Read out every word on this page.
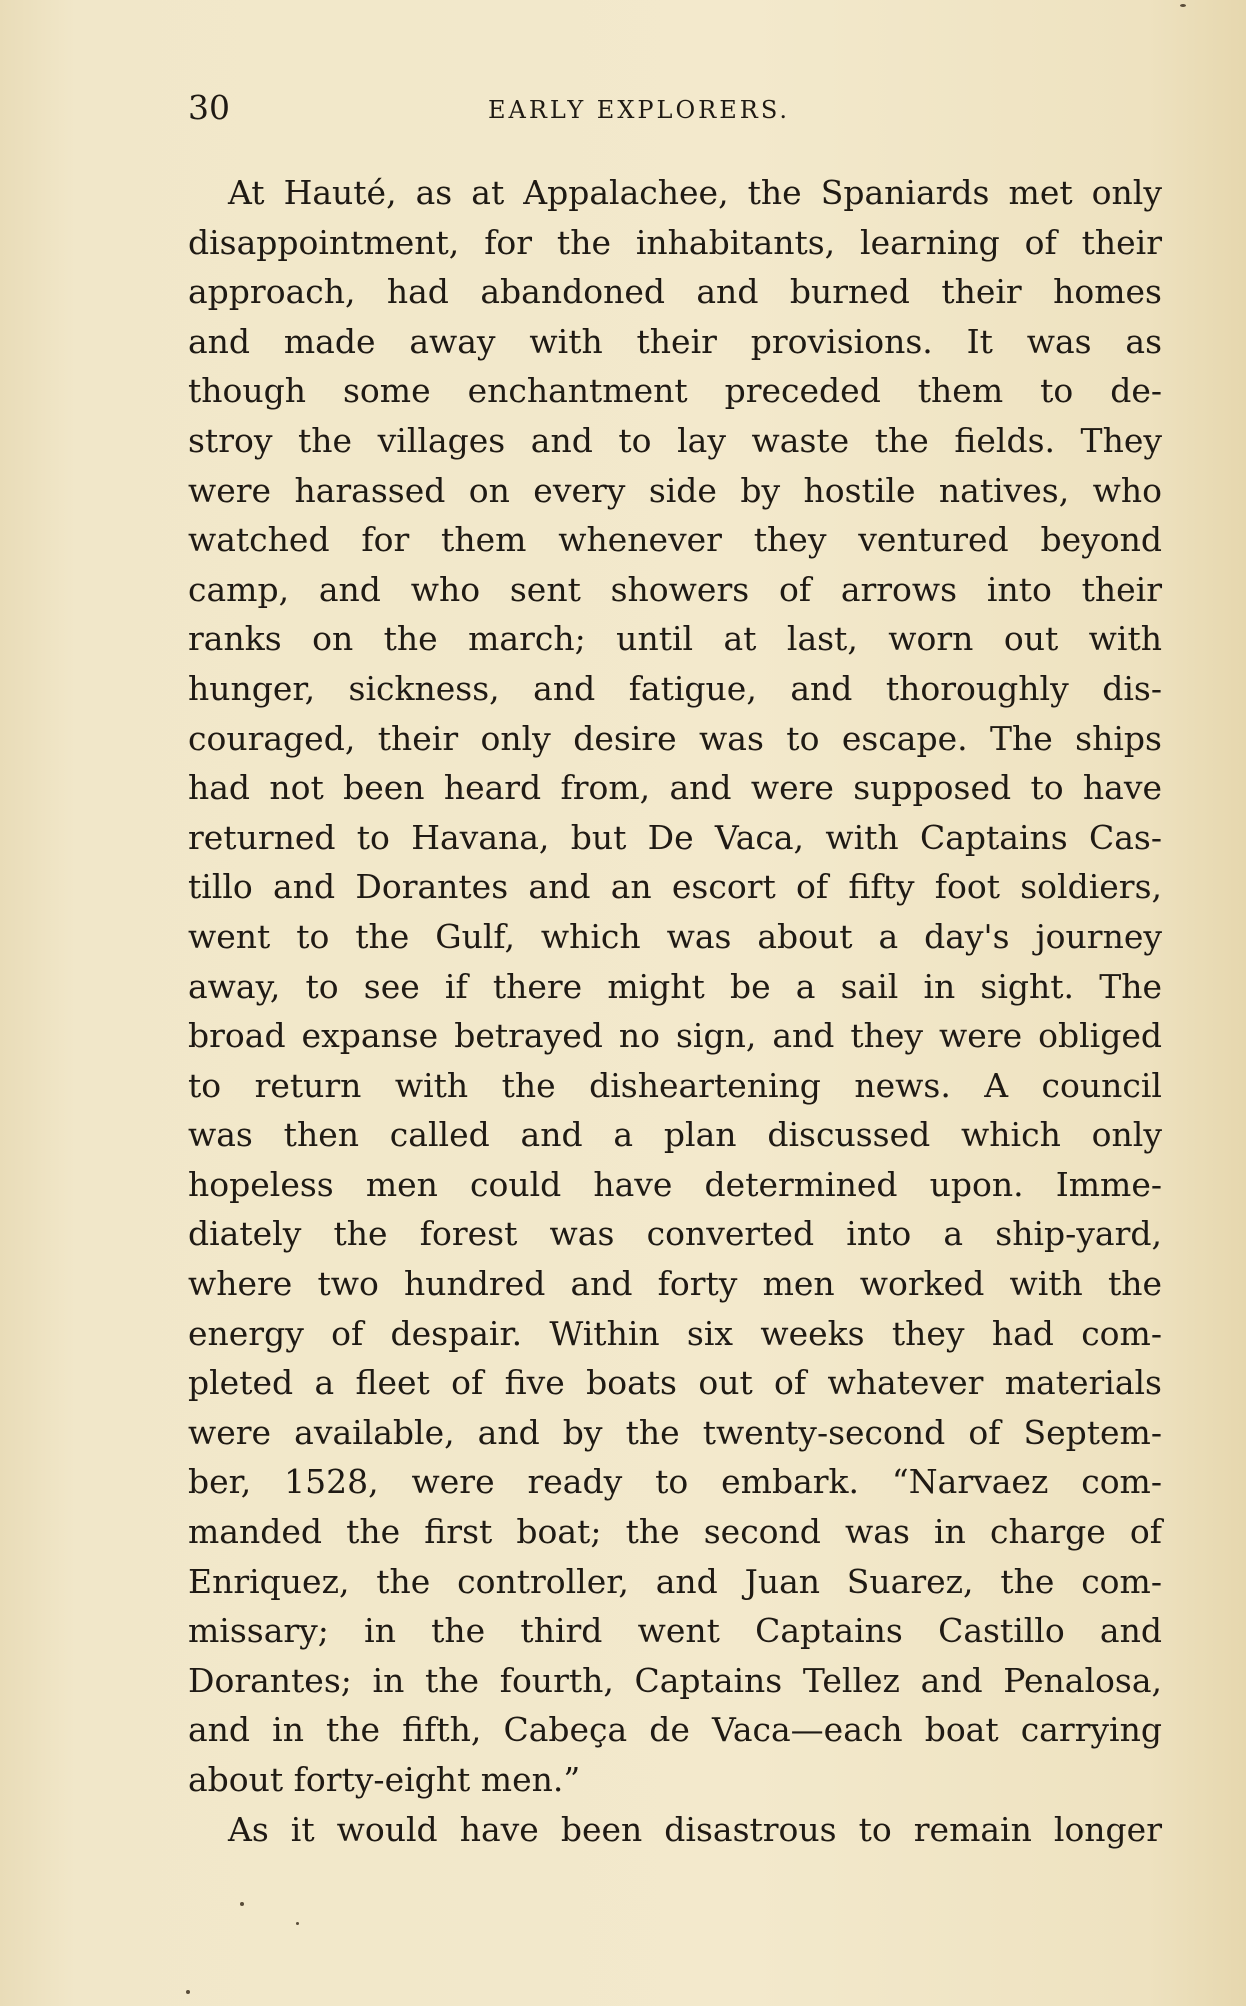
30	EARLY EXPLORERS.
At Hauté, as at Appalachee, the Spaniards met only
disappointment, for the inhabitants, learning of their
approach, had abandoned and burned their homes
and made away with their provisions. It was as
though some enchantment preceded them to de-
stroy the villages and to lay waste the fields. They
were harassed on every side by hostile natives, who
watched for them whenever they ventured beyond
camp, and who sent showers of arrows into their
ranks on the march; until at last, worn out with
hunger, sickness, and fatigue, and thoroughly dis-
couraged, their only desire was to escape. The ships
had not been heard from, and were supposed to have
returned to Havana, but De Vaca, with Captains Cas-
tillo and Dorantes and an escort of fifty foot soldiers,
went to the Gulf, which was about a day's journey
away, to see if there might be a sail in sight. The
broad expanse betrayed no sign, and they were obliged
to return with the disheartening news. A council
was then called and a plan discussed which only
hopeless men could have determined upon. Imme-
diately the forest was converted into a ship-yard,
where two hundred and forty men worked with the
energy of despair. Within six weeks they had com-
pleted a fleet of five boats out of whatever materials
were available, and by the twenty-second of Septem-
ber, 1528, were ready to embark. “Narvaez com-
manded the first boat; the second was in charge of
Enriquez, the controller, and Juan Suarez, the com-
missary; in the third went Captains Castillo and
Dorantes; in the fourth, Captains Tellez and Penalosa,
and in the fifth, Cabeça de Vaca—each boat carrying
about forty-eight men.”
As it would have been disastrous to remain longer
